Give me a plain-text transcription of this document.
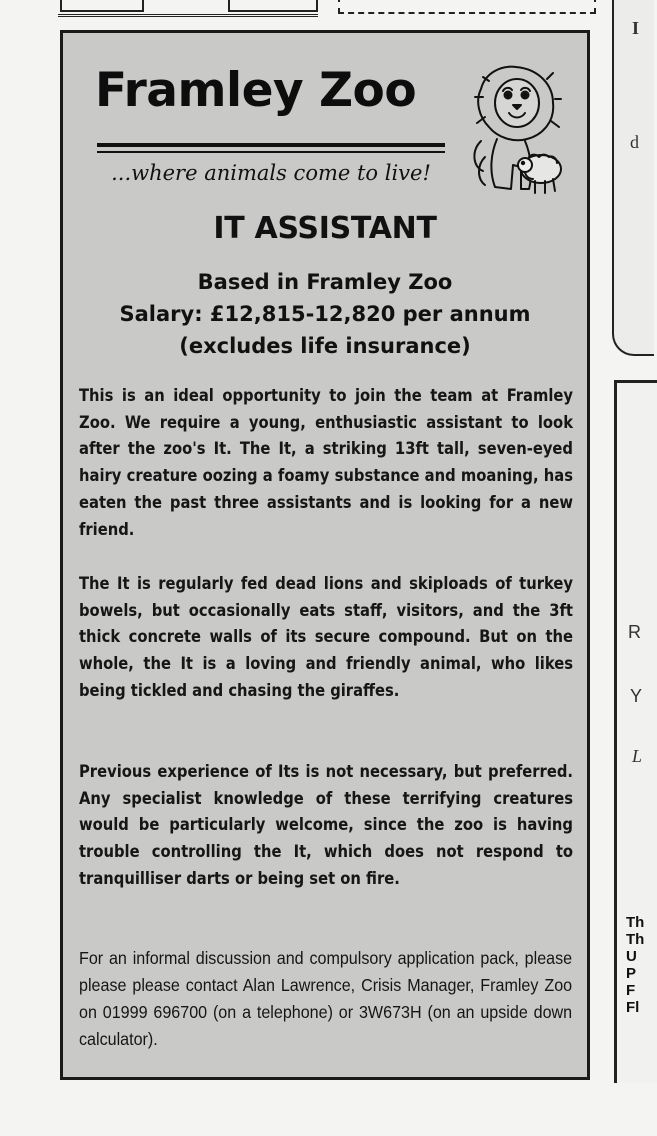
I
d
R
Y
L
Th
Th
U
P
F
Fl
Framley Zoo
...where animals come to live!
IT ASSISTANT
Based in Framley Zoo
Salary: £12,815-12,820 per annum
(excludes life insurance)

This is an ideal opportunity to join the team at Framley Zoo. We require a young, enthusiastic assistant to look after the zoo's It. The It, a striking 13ft tall, seven-eyed hairy creature oozing a foamy substance and moaning, has eaten the past three assistants and is looking for a new friend.

The It is regularly fed dead lions and skiploads of turkey bowels, but occasionally eats staff, visitors, and the 3ft thick concrete walls of its secure compound. But on the whole, the It is a loving and friendly animal, who likes being tickled and chasing the giraffes.

Previous experience of Its is not necessary, but preferred. Any specialist knowledge of these terrifying creatures would be particularly welcome, since the zoo is having trouble controlling the It, which does not respond to tranquilliser darts or being set on fire.

For an informal discussion and compulsory application pack, please please please contact Alan Lawrence, Crisis Manager, Framley Zoo on 01999 696700 (on a telephone) or 3W673H (on an upside down calculator).
